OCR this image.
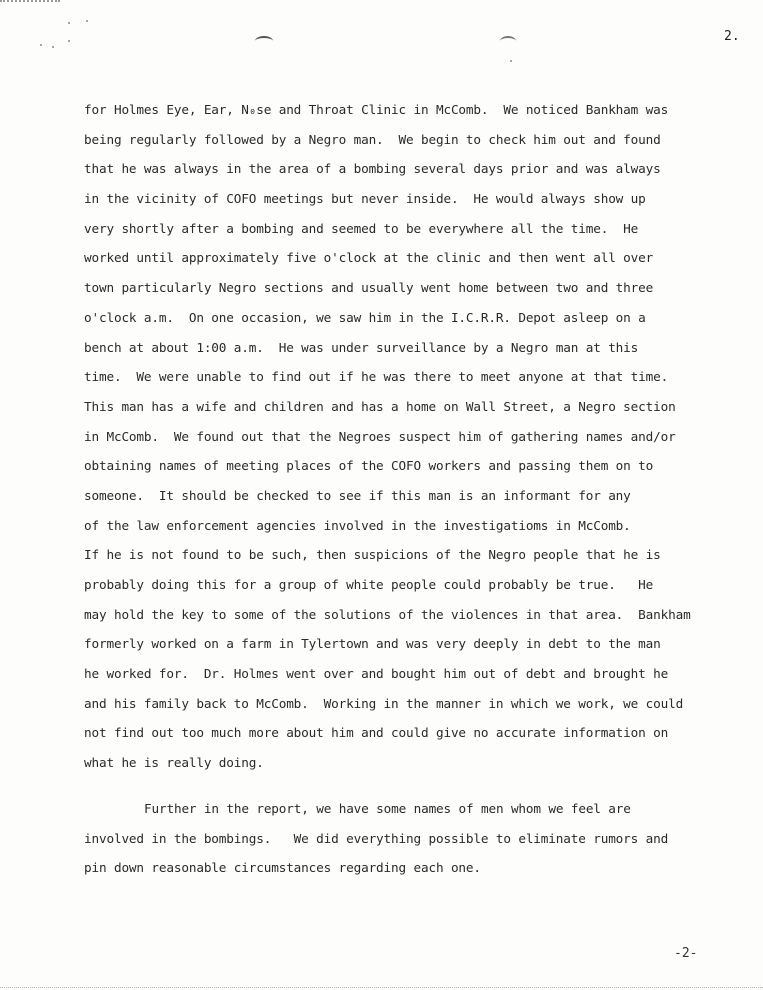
2.
for Holmes Eye, Ear, N₀se and Throat Clinic in McComb.  We noticed Bankham was
being regularly followed by a Negro man.  We begin to check him out and found
that he was always in the area of a bombing several days prior and was always
in the vicinity of COFO meetings but never inside.  He would always show up
very shortly after a bombing and seemed to be everywhere all the time.  He
worked until approximately five o'clock at the clinic and then went all over
town particularly Negro sections and usually went home between two and three
o'clock a.m.  On one occasion, we saw him in the I.C.R.R. Depot asleep on a
bench at about 1:00 a.m.  He was under surveillance by a Negro man at this
time.  We were unable to find out if he was there to meet anyone at that time.
This man has a wife and children and has a home on Wall Street, a Negro section
in McComb.  We found out that the Negroes suspect him of gathering names and/or
obtaining names of meeting places of the COFO workers and passing them on to
someone.  It should be checked to see if this man is an informant for any
of the law enforcement agencies involved in the investigatioms in McComb.
If he is not found to be such, then suspicions of the Negro people that he is
probably doing this for a group of white people could probably be true.   He
may hold the key to some of the solutions of the violences in that area.  Bankham
formerly worked on a farm in Tylertown and was very deeply in debt to the man
he worked for.  Dr. Holmes went over and bought him out of debt and brought he
and his family back to McComb.  Working in the manner in which we work, we could
not find out too much more about him and could give no accurate information on
what he is really doing.
Further in the report, we have some names of men whom we feel are
involved in the bombings.   We did everything possible to eliminate rumors and
pin down reasonable circumstances regarding each one.
-2-
